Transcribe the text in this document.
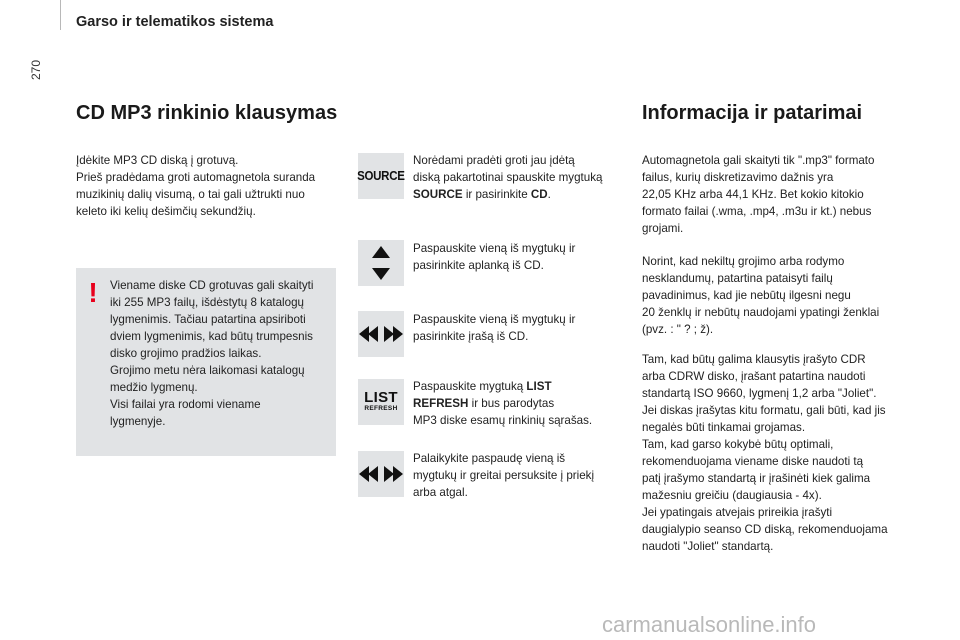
Garso ir telematikos sistema
270
CD MP3 rinkinio klausymas
Įdėkite MP3 CD diską į grotuvą.
Prieš pradėdama groti automagnetola suranda
muzikinių dalių visumą, o tai gali užtrukti nuo
keleto iki kelių dešimčių sekundžių.
!	Viename diske CD grotuvas gali skaityti
iki 255 MP3 failų, išdėstytų 8 katalogų
lygmenimis. Tačiau patartina apsiriboti
dviem lygmenimis, kad būtų trumpesnis
disko grojimo pradžios laikas.
Grojimo metu nėra laikomasi katalogų
medžio lygmenų.
Visi failai yra rodomi viename
lygmenyje.
SOURCE
Norėdami pradėti groti jau įdėtą
diską pakartotinai spauskite mygtuką
SOURCE ir pasirinkite CD.
Paspauskite vieną iš mygtukų ir
pasirinkite aplanką iš CD.
Paspauskite vieną iš mygtukų ir
pasirinkite įrašą iš CD.
LIST
REFRESH
Paspauskite mygtuką LIST
REFRESH ir bus parodytas
MP3 diske esamų rinkinių sąrašas.
Palaikykite paspaudę vieną iš
mygtukų ir greitai persuksite į priekį
arba atgal.
Informacija ir patarimai
Automagnetola gali skaityti tik ".mp3" formato
failus, kurių diskretizavimo dažnis yra
22,05 KHz arba 44,1 KHz. Bet kokio kitokio
formato failai (.wma, .mp4, .m3u ir kt.) nebus
grojami.
Norint, kad nekiltų grojimo arba rodymo
nesklandumų, patartina pataisyti failų
pavadinimus, kad jie nebūtų ilgesni negu
20 ženklų ir nebūtų naudojami ypatingi ženklai
(pvz. : " ? ; ž).
Tam, kad būtų galima klausytis įrašyto CDR
arba CDRW disko, įrašant patartina naudoti
standartą ISO 9660, lygmenį 1,2 arba "Joliet".
Jei diskas įrašytas kitu formatu, gali būti, kad jis
negalės būti tinkamai grojamas.
Tam, kad garso kokybė būtų optimali,
rekomenduojama viename diske naudoti tą
patį įrašymo standartą ir įrašinėti kiek galima
mažesniu greičiu (daugiausia - 4x).
Jei ypatingais atvejais prireikia įrašyti
daugialypio seanso CD diską, rekomenduojama
naudoti "Joliet" standartą.
carmanualsonline.info
